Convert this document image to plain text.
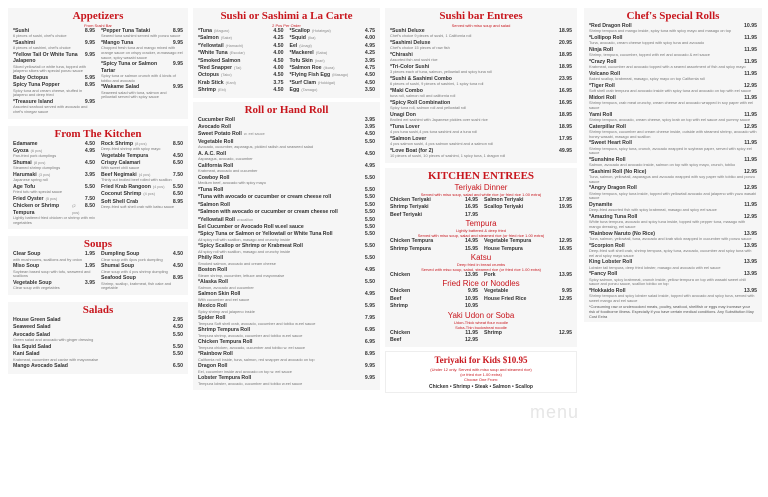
Appetizers
From Sushi Bar
*Sushi	8.95
6 pieces of sushi, chef's choice
*Sashimi	9.95
8 pieces of sashimi, chef's choice
*Yellow Tail Or White Tuna Jalapeno
9.95
Sliced yellowtail or white tuna, topped with jalapeno slices with special ponzu sauce
Baby Octopus	5.95
Spicy Tuna Popper	8.95
Spicy tuna and cream cheese, stuffed in jalapeno and deep fried
*Treasure Island	9.95
Assorted seafood served with avocado and chef's vinegar sauce
*Pepper Tuna Tataki	8.95
Seared tuna sashimi served with ponzu sauce
*Mango Tuna	9.95
Chopped fresh tuna and mango mixed with orange sauce on crispy cracker, w.massago eel sauce, spicy wasabi sauce
*Spicy Tuna or Salmon Tartar
9.95
Spicy tuna or salmon crunch with 4 kinds of tobiko and avocado
*Wakame Salad	9.95
Seaweed salad with tuna, salmon and yellowtail served with spicy sauce
From The Kitchen
Edamame	4.50
Gyoza (6 pcs)	4.95
Pan-fried pork dumplings
Shumai (8 pcs)	4.50
Steamed shrimp dumplings
Harumaki (3 pcs)	3.95
Japanese spring roll
Age Tofu	5.50
Fried tofu with special sauce
Fried Oyster (5 pcs)	7.50
Chicken or Shrimp Tempura
(2 pcs)
8.50
Lightly battered fried chicken or shrimp with mix vegetables
Rock Shrimp (8 pcs)	8.50
Deep-fried shrimp with spicy mayo
Vegetable Tempura	4.50
Crispy Calamari	6.50
With sweet chili sauce
Beef Negimaki (4 pcs)	7.50
Thinly cut broiled beef rolled with scallion
Fried Krab Rangoon (4 pcs)	5.50
Coconut Shrimp (4 pcs)	6.50
Soft Shell Crab	8.95
Deep-fried soft shell crab with katsu sauce
Soups
Clear Soup	1.95
with mushrooms, scallions and fry onion
Miso Soup	1.95
Soybean based soup with tofu, seaweed and scallions
Vegetable Soup	3.95
Clear soup with vegetables
Dumpling Soup	4.50
Clear soup with 4pcs pork dumpling
Shumai Soup	4.50
Clear soup with 4 pcs shrimp dumpling
Seafood Soup	8.95
Shrimp, scallop, krabmeat, fish cake and vegetable
Salads
House Green Salad	2.95
Seaweed Salad	4.50
Avocado Salad	5.50
Green salad and avocado with ginger dressing
Ika Squid Salad	5.50
Kani Salad	5.50
Krabmeat, cucumber and caviar with mayonnaise
Mango Avocado Salad	6.50
Sushi or Sashimi a La Carte
2 Pcs Per Order
*Tuna (Maguro)	4.50
*Salmon (Sake)	4.25
*Yellowtail (Hamachi)	4.50
*White Tuna (Escolar)	4.00
*Smoked Salmon	4.50
*Red Snapper (Tai)	4.00
Octopus (Tako)	4.50
Krab Stick (Kani)	3.75
Shrimp (Ebi)	4.50
*Scallop (Hotategai)	4.75
*Squid (Ika)	4.00
Eel (Unagi)	4.95
*Mackerel (Saba)	4.25
Tofu Skin (Inari)	3.95
*Salmon Roe (Ikura)	4.75
*Flying Fish Egg (Masago)	4.50
*Surf Clam (Hokkigai)	4.50
Egg (Tamago)	3.50
Roll or Hand Roll
Cucumber Roll	3.95
Avocado Roll	3.95
Sweet Potato Roll w. eel sauce	4.50
Vegetable Roll	5.50
Avocado, cucumber, asparagus, pickled radish and seaweed salad
A. A.C. Roll	4.50
Asparagus, avocado, cucumber
California Roll	4.95
Krabmeat, avocado and cucumber
Cowboy Roll	5.50
Medium beef, avocado with spicy mayo
*Tuna Roll	5.50
*Tuna with avocado or cucumber or cream cheese roll	5.50
*Salmon Roll	5.50
*Salmon with avocado or cucumber or cream cheese roll	5.50
*Yellowtail Roll w.scallion	5.50
Eel Cucumber or Avocado Roll w.eel sauce	5.50
*Spicy Tuna or Salmon or Yellowtail or White Tuna Roll	5.50
All spicy roll with scallion, masago and crunchy inside
*Spicy Scallop or Shrimp or Krabmeat Roll	5.50
All spicy roll with scallion, masago and crunchy inside
Philly Roll	5.50
Smoked salmon, avocado and cream cheese
Boston Roll	4.95
Steam shrimp, cucumber, lettuce and mayonnaise
*Alaska Roll	5.50
Salmon, avocado and cucumber
Salmon Skin Roll	4.95
With cucumber and eel sauce
Mexico Roll	5.95
Spicy shrimp and jalapeno inside
Spider Roll	7.95
Tempura Soft shell crab, avocado, cucumber and tobiko w.eel sauce
Shrimp Tempura Roll	6.95
Tempura shrimp, avocado, cucumber and tobiko w.eel sauce
Chicken Tempura Roll	6.95
Tempura chicken, avocado, cucumber and tobiko w. eel sauce
*Rainbow Roll	8.95
California roll inside, tuna, salmon, red snapper and avocado on top
Dragon Roll	9.95
Eel, cucumber inside and avocado on top w. eel sauce
Lobster Tempura Roll	9.95
Tempura lobster, avocado, cucumber and tobiko w.eel sauce
Sushi bar Entrees
Served with miso soup and salad
*Sushi Deluxe	18.95
Chef's choice 9 pieces of sushi, 1 California roll
*Sashimi Deluxe	20.95
Chef's choice 15 pieces of raw fish
*Chirashi	18.95
Assorted fish and sushi rice
*Tri-Color Sushi	18.95
3 pieces each of tuna, salmon, yellowtail and spicy tuna roll
*Sushi & Sashimi Combo	23.95
6 pieces of sushi, 9 pieces of sashimi, 1 spicy tuna roll
*Maki Combo	16.95
tuna roll, salmon roll and california roll
*Spicy Roll Combination	16.95
Spicy tuna roll, salmon roll and yellowtail roll
Unagi Don	18.95
Broiled eel sashimi with Japanese pickles over sushi rice
*Tuna Lover	18.95
4 pcs tuna sushi,4 pcs tuna sashimi and a tuna roll
*Salmon Lover	17.95
4 pcs salmon sushi, 4 pcs salmon sashimi and a salmon roll
*Love Boat (for 2)	49.95
10 pieces of sushi, 10 pieces of sashimi, 1 spicy tuna, 1 dragon roll
KITCHEN ENTREES
Teriyaki Dinner
Served with miso soup, salad and white rice (or fried rice 1.00 extra)
Chicken Teriyaki	14.95 Salmon Teriyaki	17.95
Shrimp Teriyaki	16.95 Scallop Teriyaki	19.95
Beef Teriyaki	17.95
Tempura
Lightly battered & deep fried
Served with miso soup, salad and steamed rice (or fried rice 1.00 extra)
Chicken Tempura	14.95 Vegetable Tempura	12.95
Shrimp Tempura	15.95 House Tempura	16.95
Katsu
Deep fried in bread crumbs
Served with miso soup, salad, steamed rice (or fried rice 1.00 extra)
Chicken	13.95 Pork	13.95
Fried Rice or Noodles
Chicken	9.95 Vegetable	9.95
Beef	10.95 House Fried Rice	12.95
Shrimp	10.95
Yaki Udon or Soba
Udon-Thick wheat flour noodle
Soba-Thin buckwheat noodle
Chicken	11.95 Shrimp	12.95
Beef	12.95
Teriyaki for Kids $10.95
(Under 12 only. Served with miso soup and steamed rice)
(or fried rice 1.00 extra)
Choose One From:
Chicken • Shrimp • Steak • Salmon • Scallop
Chef's Special Rolls
*Red Dragon Roll	10.95
Shrimp tempura and mango inside, spicy tuna with spicy mayo and masago on top
*Lollipop Roll	11.95
Tuna, avocado, cream cheese topped with spicy tuna and avocado
Ninja Roll	11.95
Shrimp, tempura, cucumber, topped with eel and avocado & eel sauce
*Crazy Roll	11.95
Krabmeat, cucumber and avocado topped with a seared assortment of fish and spicy mayo
Volcano Roll	11.95
Baked scallop, krabmeat, masago, spicy mayo on top California roll
*Tiger Roll	12.95
Soft shell crab tempura and avocado inside with spicy tuna and avocado on top with eel sauce
Midori Roll	11.95
Shrimp tempura, crab meat crunchy, cream cheese and avocado wrapped in soy paper with eel sauce
Yami Roll	11.95
Shrimp tempura, avocado, cream cheese, spicy krab on top with eel sauce and yummy sauce
Caterpillar Roll	12.95
Shrimp tempura, cucumber and cream cheese inside, outside with steamed shrimp, avocado with honey wasabi, masago and scallion
*Sweet Heart Roll	11.95
Shrimp tempura, spicy tuna, crunch, avocado wrapped in soybean paper, served with spicy eel sauce
*Sunshine Roll	11.95
Salmon, avocado and avocado inside, salmon on top with spicy mayo, crunch, tobiko
*Sashimi Roll (No Rice)	12.95
Tuna, salmon, yellowtail, asparagus and avocado wrapped with soy paper with tobiko and ponzu sauce
*Angry Dragon Roll	12.95
Shrimp tempura, spicy tuna inside, topped with yellowtail avocado and jalapeno with yuzu wasabi sauce
Dynamite	11.95
Deep-fried assorted fish with spicy krabmeat, masago and spicy eel sauce
*Amazing Tuna Roll	12.95
White tuna tempura, avocado and spicy tuna inside, topped with pepper tuna, masago with mango dressing, eel sauce
*Rainbow Naruto (No Rice)	13.95
Tuna, salmon, yellowtail, tuna, avocado and krab stick wrapped in cucumber with ponzu sauce
*Scorpion Roll	13.95
Deep-fried soft shell crab, shrimp tempura, spicy tuna, avocado, cucumber and spicy tuna with eel and spicy mayo sauce
King Lobster Roll	13.95
Lobster tail tempura, deep fried lobster, masago and avocado with eel sauce
*Fancy Roll	13.95
Spicy salmon, spicy krabmeat, crunch inside, yellow tempura on top with wasabi sweet chili sauce and ponzu sauce, scallion tobiko on top
*Hokkaido Roll	13.95
Shrimp tempura and spicy lobster salad inside, topped with avocado and spicy tuna, served with sweet mango and eel sauce
*Consuming raw or undercooked meats, poultry, seafood, shellfish or eggs may increase your risk of foodborne illness. Especially if you have certain medical conditions. Any Substitution May Cost Extra
menu
